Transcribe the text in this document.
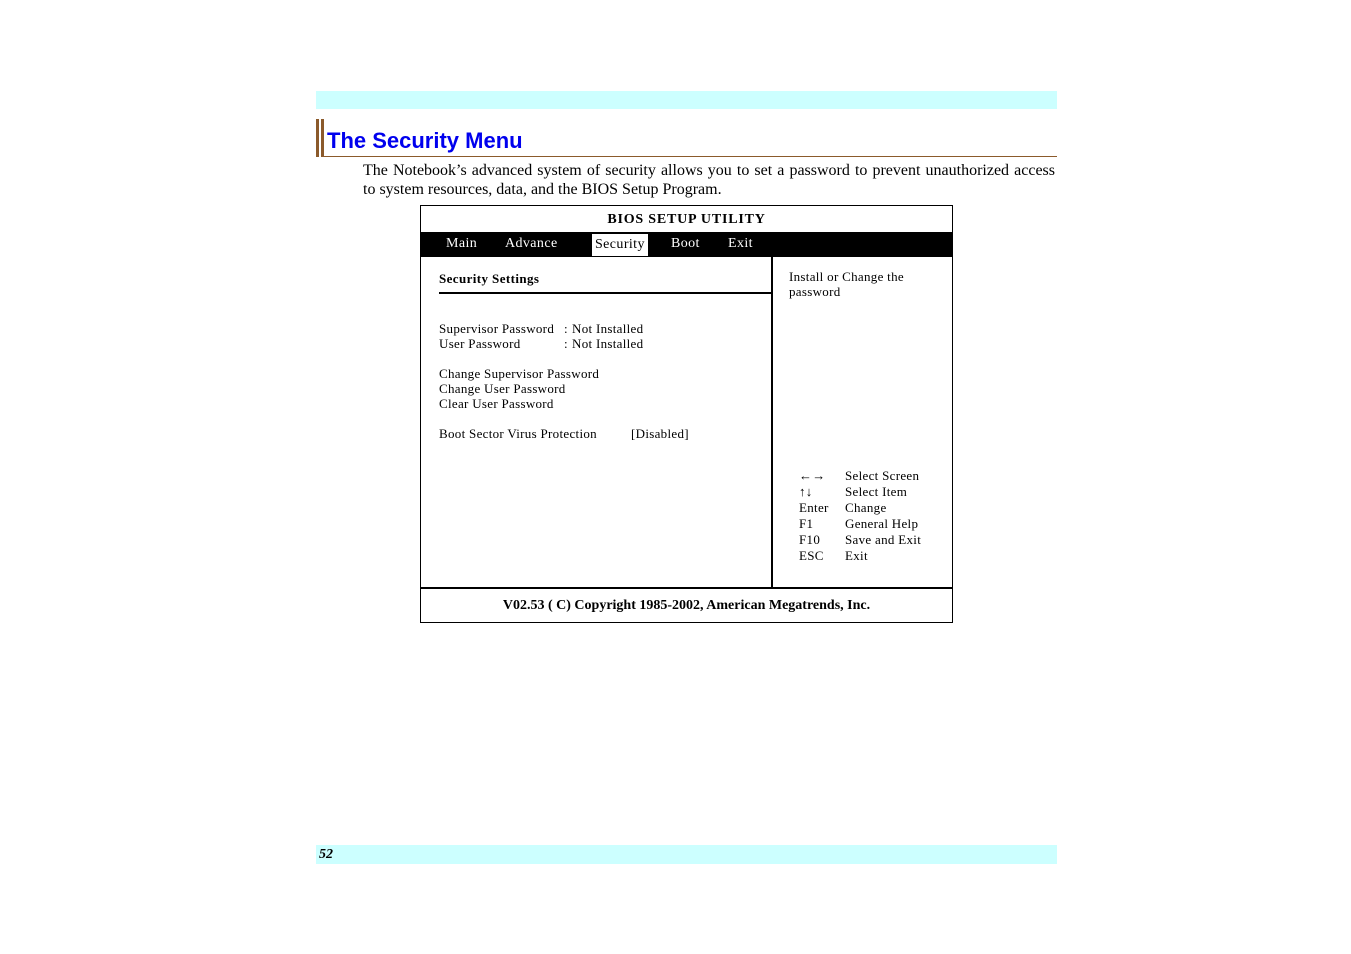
The Security Menu

The Notebook’s advanced system of security allows you to set a password to prevent unauthorized access to system resources, data, and the BIOS Setup Program.

BIOS SETUP UTILITY
Main Advance	Security Boot Exit
Security Settings
Supervisor Password : Not Installed
User Password	: Not Installed
Change Supervisor Password
Change User Password
Clear User Password
Boot Sector Virus Protection	[Disabled]
Install or Change the password
←→ Select Screen
↑↓ Select Item
Enter Change
F1 General Help
F10 Save and Exit
ESC Exit
V02.53 ( C) Copyright 1985-2002, American Megatrends, Inc.
52
